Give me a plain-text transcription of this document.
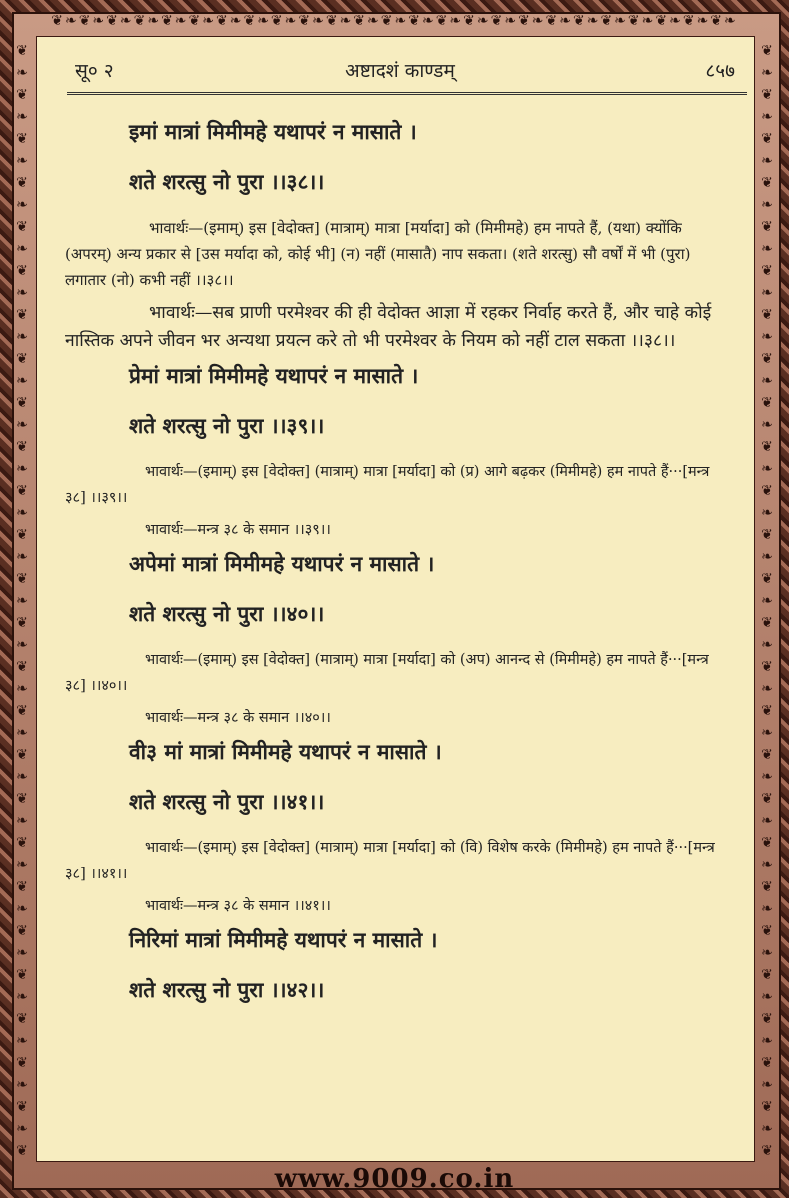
❦❧❦❧❦❧❦❧❦❧❦❧❦❧❦❧❦❧❦❧❦❧❦❧❦❧❦❧❦❧❦❧❦❧❦❧❦❧❦❧❦❧❦❧❦❧❦❧❦❧
❦
❧
❦
❧
❦
❧
❦
❧
❦
❧
❦
❧
❦
❧
❦
❧
❦
❧
❦
❧
❦
❧
❦
❧
❦
❧
❦
❧
❦
❧
❦
❧
❦
❧
❦
❧
❦
❧
❦
❧
❦
❧
❦
❧
❦
❧
❦
❧
❦
❧
❦
❦
❧
❦
❧
❦
❧
❦
❧
❦
❧
❦
❧
❦
❧
❦
❧
❦
❧
❦
❧
❦
❧
❦
❧
❦
❧
❦
❧
❦
❧
❦
❧
❦
❧
❦
❧
❦
❧
❦
❧
❦
❧
❦
❧
❦
❧
❦
❧
❦
❧
❦
सू० २	अष्टादशं काण्डम्	८५७
इमां मात्रां मिमीमहे यथापरं न मासाते ।
शते शरत्सु नो पुरा ।।३८।।

भावार्थः—(इमाम्) इस [वेदोक्त] (मात्राम्) मात्रा [मर्यादा] को (मिमीमहे) हम नापते हैं, (यथा) क्योंकि (अपरम्) अन्य प्रकार से [उस मर्यादा को, कोई भी] (न) नहीं (मासातै) नाप सकता। (शते शरत्सु) सौ वर्षों में भी (पुरा) लगातार (नो) कभी नहीं ।।३८।।

भावार्थः—सब प्राणी परमेश्वर की ही वेदोक्त आज्ञा में रहकर निर्वाह करते हैं, और चाहे कोई नास्तिक अपने जीवन भर अन्यथा प्रयत्न करे तो भी परमेश्वर के नियम को नहीं टाल सकता ।।३८।।

प्रेमां मात्रां मिमीमहे यथापरं न मासाते ।
शते शरत्सु नो पुरा ।।३९।।

भावार्थः—(इमाम्) इस [वेदोक्त] (मात्राम्) मात्रा [मर्यादा] को (प्र) आगे बढ़कर (मिमीमहे) हम नापते हैं···[मन्त्र ३८] ।।३९।।

भावार्थः—मन्त्र ३८ के समान ।।३९।।

अपेमां मात्रां मिमीमहे यथापरं न मासाते ।
शते शरत्सु नो पुरा ।।४०।।

भावार्थः—(इमाम्) इस [वेदोक्त] (मात्राम्) मात्रा [मर्यादा] को (अप) आनन्द से (मिमीमहे) हम नापते हैं···[मन्त्र ३८] ।।४०।।

भावार्थः—मन्त्र ३८ के समान ।।४०।।

वी३ मां मात्रां मिमीमहे यथापरं न मासाते ।
शते शरत्सु नो पुरा ।।४१।।

भावार्थः—(इमाम्) इस [वेदोक्त] (मात्राम्) मात्रा [मर्यादा] को (वि) विशेष करके (मिमीमहे) हम नापते हैं···[मन्त्र ३८] ।।४१।।

भावार्थः—मन्त्र ३८ के समान ।।४१।।

निरिमां मात्रां मिमीमहे यथापरं न मासाते ।
शते शरत्सु नो पुरा ।।४२।।
www.9009.co.in
